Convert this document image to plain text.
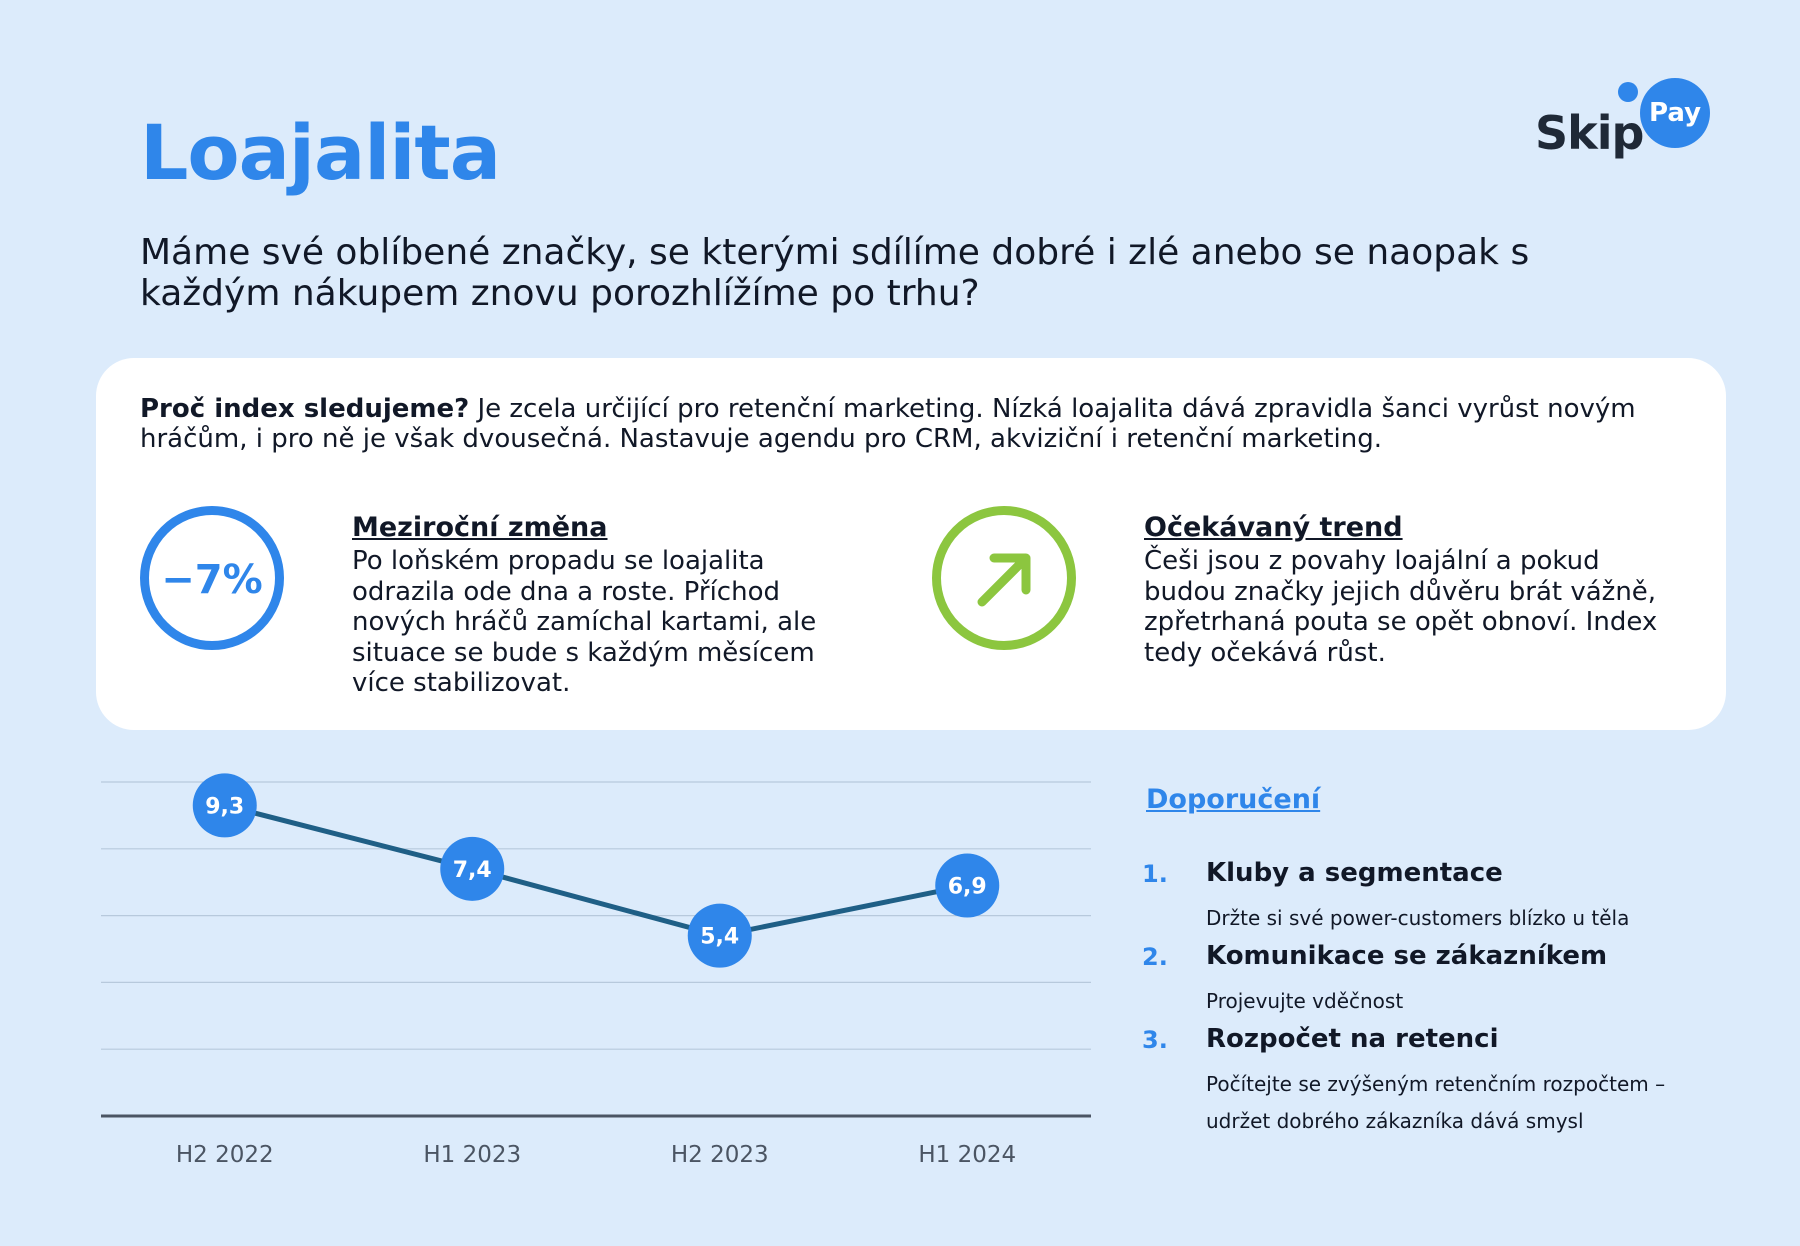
Loajalita	Pay
Skip

Máme své oblíbené značky, se kterými sdílíme dobré i zlé anebo se naopak s každým nákupem znovu porozhlížíme po trhu?

Proč index sledujeme? Je zcela určijící pro retenční marketing. Nízká loajalita dává zpravidla šanci vyrůst novým hráčům, i pro ně je však dvousečná. Nastavuje agendu pro CRM, akviziční i retenční marketing.

−7%
Meziroční změna

Po loňském propadu se loajalita odrazila ode dna a roste. Příchod nových hráčů zamíchal kartami, ale situace se bude s každým měsícem více stabilizovat.

Očekávaný trend

Češi jsou z povahy loajální a pokud budou značky jejich důvěru brát vážně, zpřetrhaná pouta se opět obnoví. Index tedy očekává růst.

9,3
7,4
5,4
6,9
H2 2022	H1 2023	H2 2023	H1 2024
Doporučení
1. Kluby a segmentace

Držte si své power-customers blízko u těla

2. Komunikace se zákazníkem

Projevujte vděčnost

3. Rozpočet na retenci

Počítejte se zvýšeným retenčním rozpočtem – udržet dobrého zákazníka dává smysl
